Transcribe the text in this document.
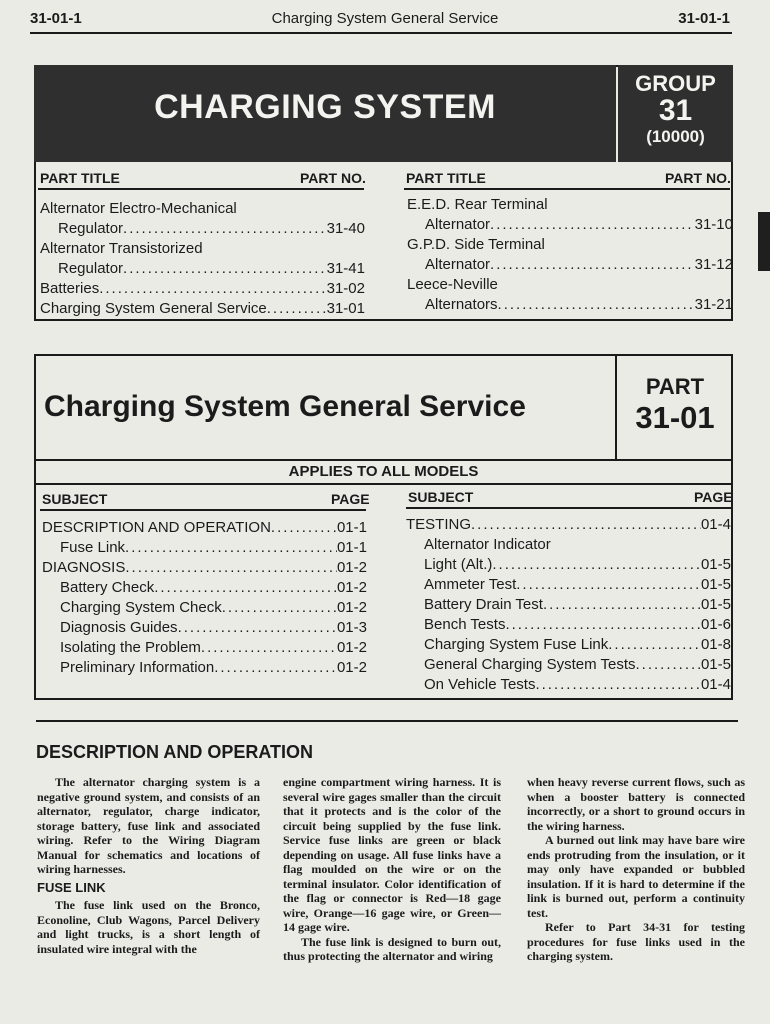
31-01-1	Charging System General Service	31-01-1
CHARGING SYSTEM
GROUP
31
(10000)
PART TITLE	PART NO.	PART TITLE	PART NO.
Alternator Electro-Mechanical
Regulator .....	31-40
Alternator Transistorized
Regulator .....	31-41
Batteries .....	31-02
Charging System General Service .....	31-01
E.E.D. Rear Terminal
Alternator .....	31-10
G.P.D. Side Terminal
Alternator .....	31-12
Leece-Neville
Alternators .....	31-21
Charging System General Service
PART
31-01
APPLIES TO ALL MODELS
SUBJECT	PAGE	SUBJECT	PAGE
DESCRIPTION AND OPERATION .....	01-1
Fuse Link .....	01-1
DIAGNOSIS .....	01-2
Battery Check .....	01-2
Charging System Check .....	01-2
Diagnosis Guides .....	01-3
Isolating the Problem .....	01-2
Preliminary Information .....	01-2
TESTING .....	01-4
Alternator Indicator
Light (Alt.) .....	01-5
Ammeter Test .....	01-5
Battery Drain Test .....	01-5
Bench Tests .....	01-6
Charging System Fuse Link .....	01-8
General Charging System Tests .....	01-5
On Vehicle Tests .....	01-4
DESCRIPTION AND OPERATION

The alternator charging system is a negative ground system, and consists of an alternator, regulator, charge indicator, storage battery, fuse link and associated wiring. Refer to the Wiring Diagram Manual for schematics and locations of wiring harnesses.

FUSE LINK

The fuse link used on the Bronco, Econoline, Club Wagons, Parcel Delivery and light trucks, is a short length of insulated wire integral with the

engine compartment wiring harness. It is several wire gages smaller than the circuit that it protects and is the color of the circuit being supplied by the fuse link. Service fuse links are green or black depending on usage. All fuse links have a flag moulded on the wire or on the terminal insulator. Color identification of the flag or connector is Red—18 gage wire, Orange—16 gage wire, or Green—14 gage wire.

The fuse link is designed to burn out, thus protecting the alternator and wiring

when heavy reverse current flows, such as when a booster battery is connected incorrectly, or a short to ground occurs in the wiring harness.

A burned out link may have bare wire ends protruding from the insulation, or it may only have expanded or bubbled insulation. If it is hard to determine if the link is burned out, perform a continuity test.

Refer to Part 34-31 for testing procedures for fuse links used in the charging system.
